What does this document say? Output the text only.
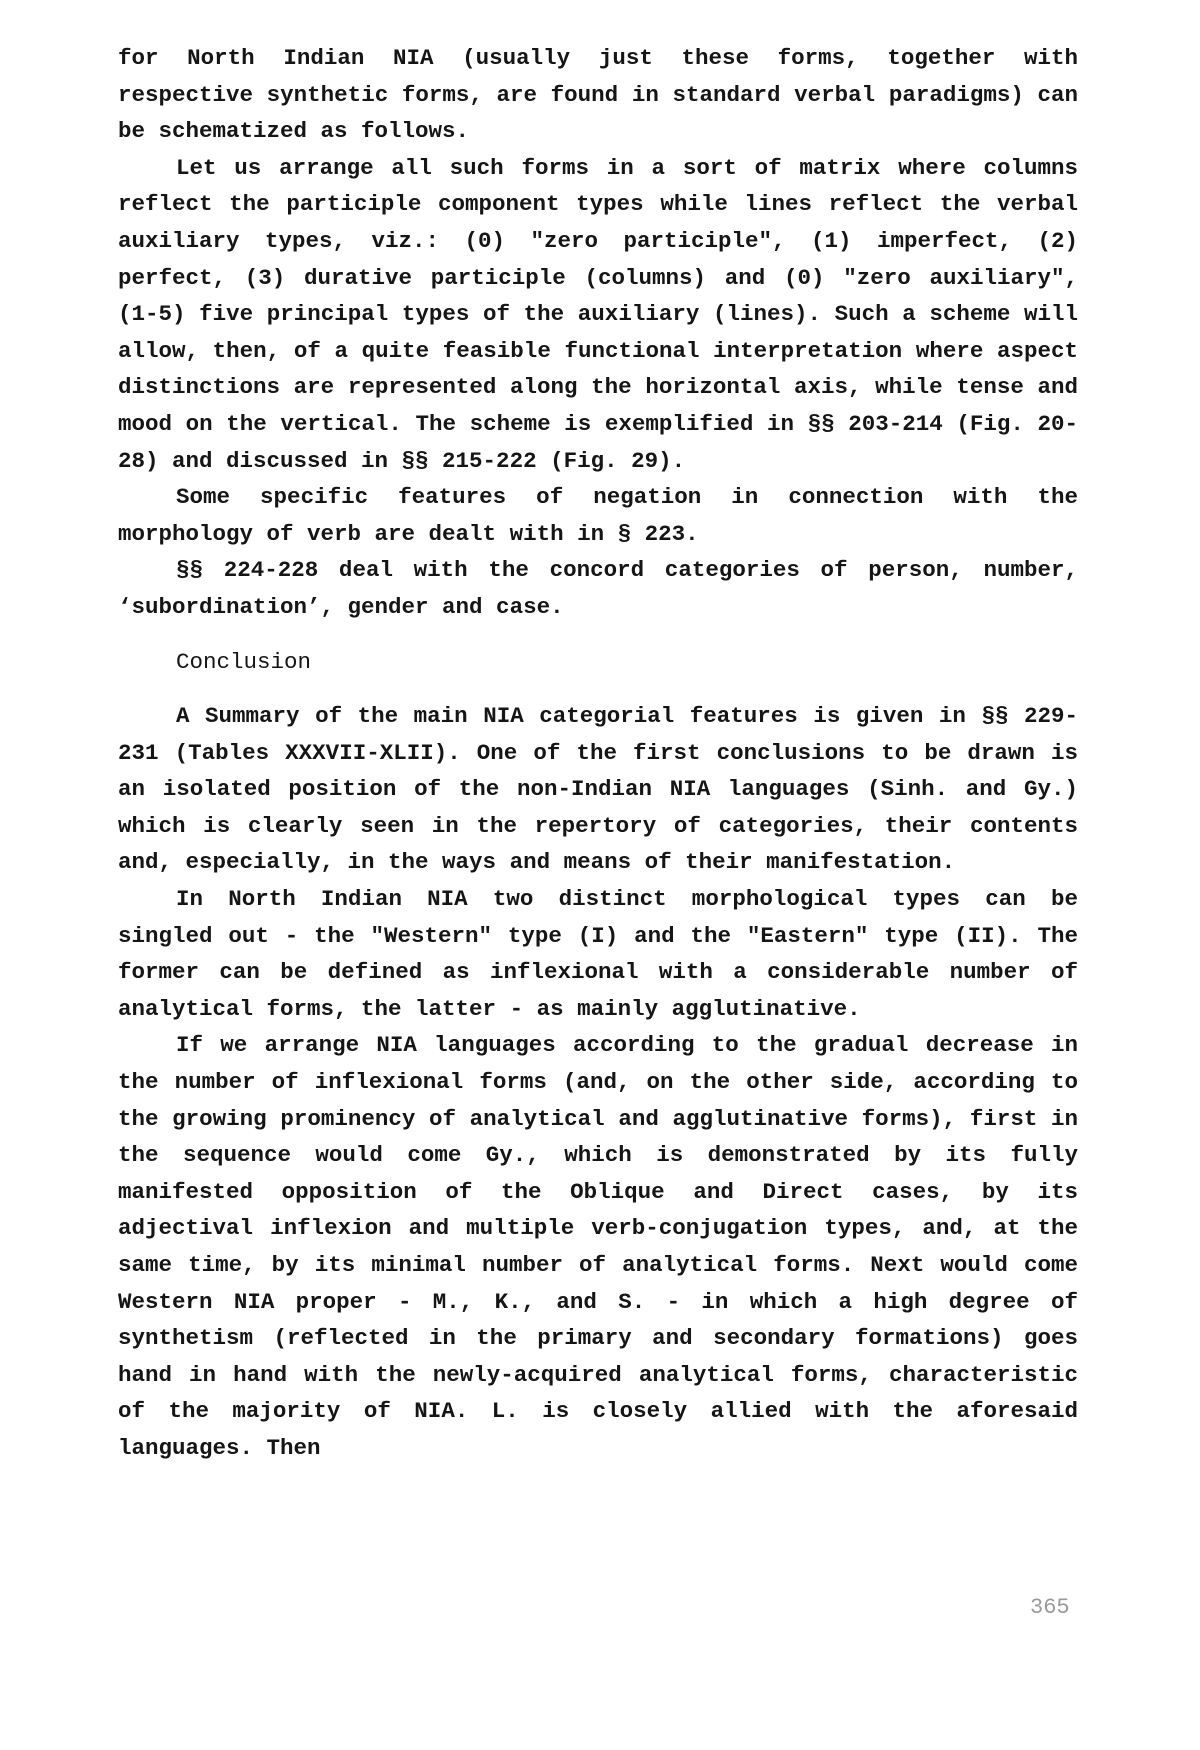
for North Indian NIA (usually just these forms, together with respective synthetic forms, are found in standard verbal paradigms) can be schematized as follows.

Let us arrange all such forms in a sort of matrix where columns reflect the participle component types while lines reflect the verbal auxiliary types, viz.: (0) "zero participle", (1) imperfect, (2) perfect, (3) durative participle (columns) and (0) "zero auxiliary", (1-5) five principal types of the auxiliary (lines). Such a scheme will allow, then, of a quite feasible functional interpretation where aspect distinctions are represented along the horizontal axis, while tense and mood on the vertical. The scheme is exemplified in §§ 203-214 (Fig. 20-28) and discussed in §§ 215-222 (Fig. 29).

Some specific features of negation in connection with the morphology of verb are dealt with in § 223.

§§ 224-228 deal with the concord categories of person, number, ‘subordination’, gender and case.

Conclusion

A Summary of the main NIA categorial features is given in §§ 229-231 (Tables XXXVII-XLII). One of the first conclusions to be drawn is an isolated position of the non-Indian NIA languages (Sinh. and Gy.) which is clearly seen in the repertory of categories, their contents and, especially, in the ways and means of their manifestation.

In North Indian NIA two distinct morphological types can be singled out - the "Western" type (I) and the "Eastern" type (II). The former can be defined as inflexional with a considerable number of analytical forms, the latter - as mainly agglutinative.

If we arrange NIA languages according to the gradual decrease in the number of inflexional forms (and, on the other side, according to the growing prominency of analytical and agglutinative forms), first in the sequence would come Gy., which is demonstrated by its fully manifested opposition of the Oblique and Direct cases, by its adjectival inflexion and multiple verb-conjugation types, and, at the same time, by its minimal number of analytical forms. Next would come Western NIA proper - M., K., and S. - in which a high degree of synthetism (reflected in the primary and secondary formations) goes hand in hand with the newly-acquired analytical forms, characteristic of the majority of NIA. L. is closely allied with the aforesaid languages. Then

365
